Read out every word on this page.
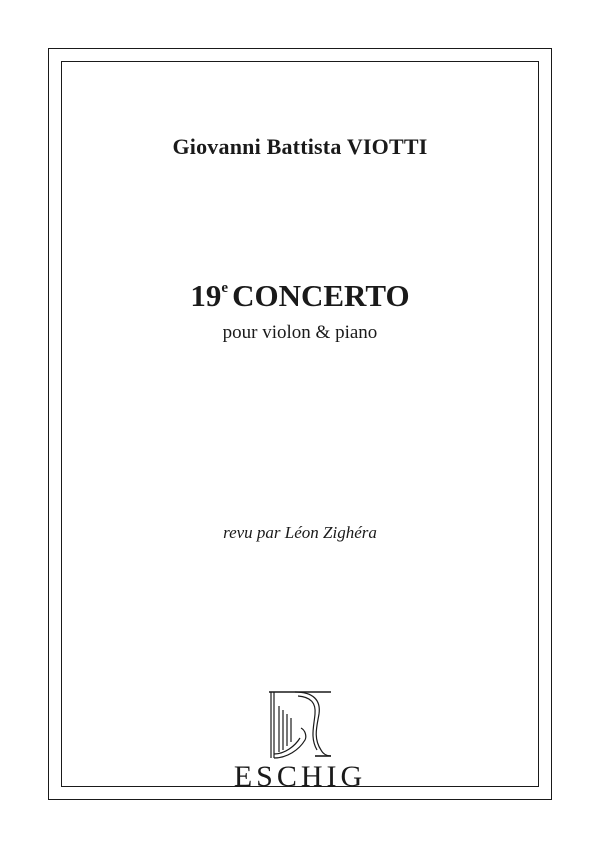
Giovanni Battista VIOTTI
19e CONCERTO
pour violon & piano
revu par Léon Zighéra
ESCHIG
